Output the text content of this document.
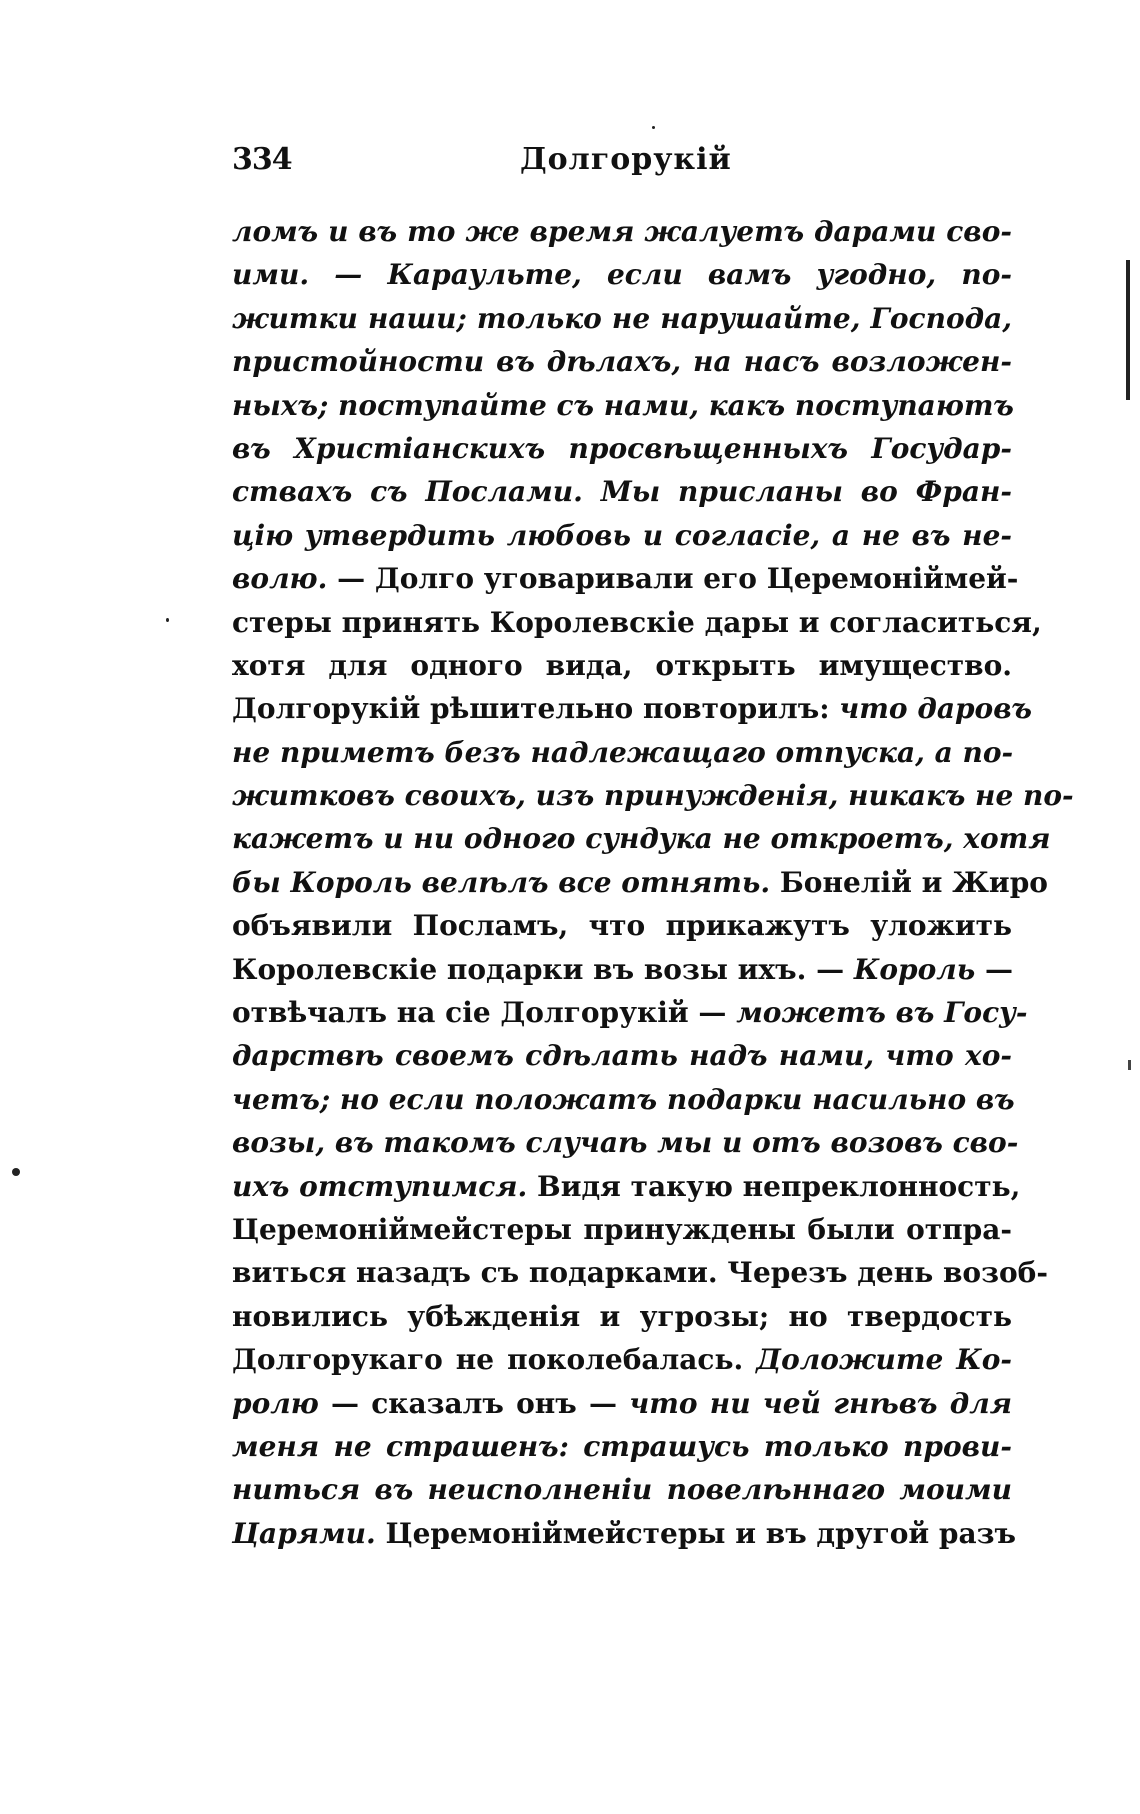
334	Долгорукій
ломъ и въ то же время жалуетъ дарами сво-
ими. — Караульте, если вамъ угодно, по-
житки наши; только не нарушайте, Господа,
пристойности въ дѣлахъ, на насъ возложен-
ныхъ; поступайте съ нами, какъ поступаютъ
въ Христіанскихъ просвѣщенныхъ Государ-
ствахъ съ Послами. Мы присланы во Фран-
цію утвердить любовь и согласіе, а не въ не-
волю. — Долго уговаривали его Церемоніймей-
стеры принять Королевскіе дары и согласиться,
хотя для одного вида, открыть имущество.
Долгорукій рѣшительно повторилъ: что даровъ
не приметъ безъ надлежащаго отпуска, а по-
житковъ своихъ, изъ принужденія, никакъ не по-
кажетъ и ни одного сундука не откроетъ, хотя
бы Король велѣлъ все отнять. Бонелій и Жиро
объявили Посламъ, что прикажутъ уложить
Королевскіе подарки въ возы ихъ. — Король —
отвѣчалъ на сіе Долгорукій — можетъ въ Госу-
дарствѣ своемъ сдѣлать надъ нами, что хо-
четъ; но если положатъ подарки насильно въ
возы, въ такомъ случаѣ мы и отъ возовъ сво-
ихъ отступимся. Видя такую непреклонность,
Церемоніймейстеры принуждены были отпра-
виться назадъ съ подарками. Черезъ день возоб-
новились убѣжденія и угрозы; но твердость
Долгорукаго не поколебалась. Доложите Ко-
ролю — сказалъ онъ — что ни чей гнѣвъ для
меня не страшенъ: страшусь только прови-
ниться въ неисполненіи повелѣннаго моими
Царями. Церемоніймейстеры и въ другой разъ
